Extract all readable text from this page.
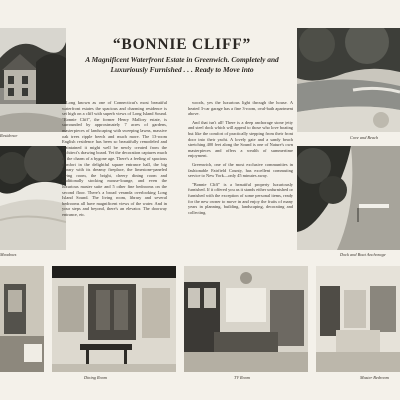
Residence
Meadows
“BONNIE CLIFF”
A Magnificent Waterfront Estate in Greenwich. Completely and Luxuriously Furnished . . . Ready to Move into

Long known as one of Connecticut's most beautiful waterfront estates the spacious and charming residence is set high on a cliff with superb views of Long Island Sound. "Bonnie Cliff", the former Henry Mallory estate, is surrounded by approximately 7 acres of gardens, masterpieces of landscaping with sweeping lawns, massive oak trees ripple beech and much more. The 13-room English residence has been so beautifully remodeled and maintained it might well be newly created from the architect's drawing board. Yet the decoration captures much of the charm of a bygone age. There's a feeling of spacious comfort in the delightful square entrance hall, the big library with its dreamy fireplace, the limestone-paneled living room, the bright, cheery dining room and traditionally stocking mouse-lounge, and even the luxurious master suite and 5 other fine bedrooms on the second floor. There's a broad veranda overlooking Long Island Sound. The living room, library and several bedrooms all have magnificent views of the water. And in your steps and beyond, there's an elevator. The doorway entrance, etc.

woods, yes the luxurious light through the house. A heated 3-car garage has a fine 3-room, oval-bath apartment above.

And that isn't all! There is a deep anchorage stone jetty and steel dock which will appeal to those who love boating but like the comfort of practically stepping from their front door into their yacht. A lovely gate and a sandy beach stretching 400 feet along the Sound is one of Nature's own masterpieces and offers a wealth of summertime enjoyment.

Greenwich, one of the most exclusive communities in fashionable Fairfield County, has excellent commuting service to New York—only 45 minutes away.

"Bonnie Cliff" is a beautiful property luxuriously furnished. If it offered you as it stands either unfurnished or furnished with the exception of some personal items, ready for the new owner to move in and enjoy the fruits of many years in planning, building, landscaping, decorating and collecting.

Cove and Beach
Dock and Boat Anchorage
Dining Room	TV Room	Master Bedroom
